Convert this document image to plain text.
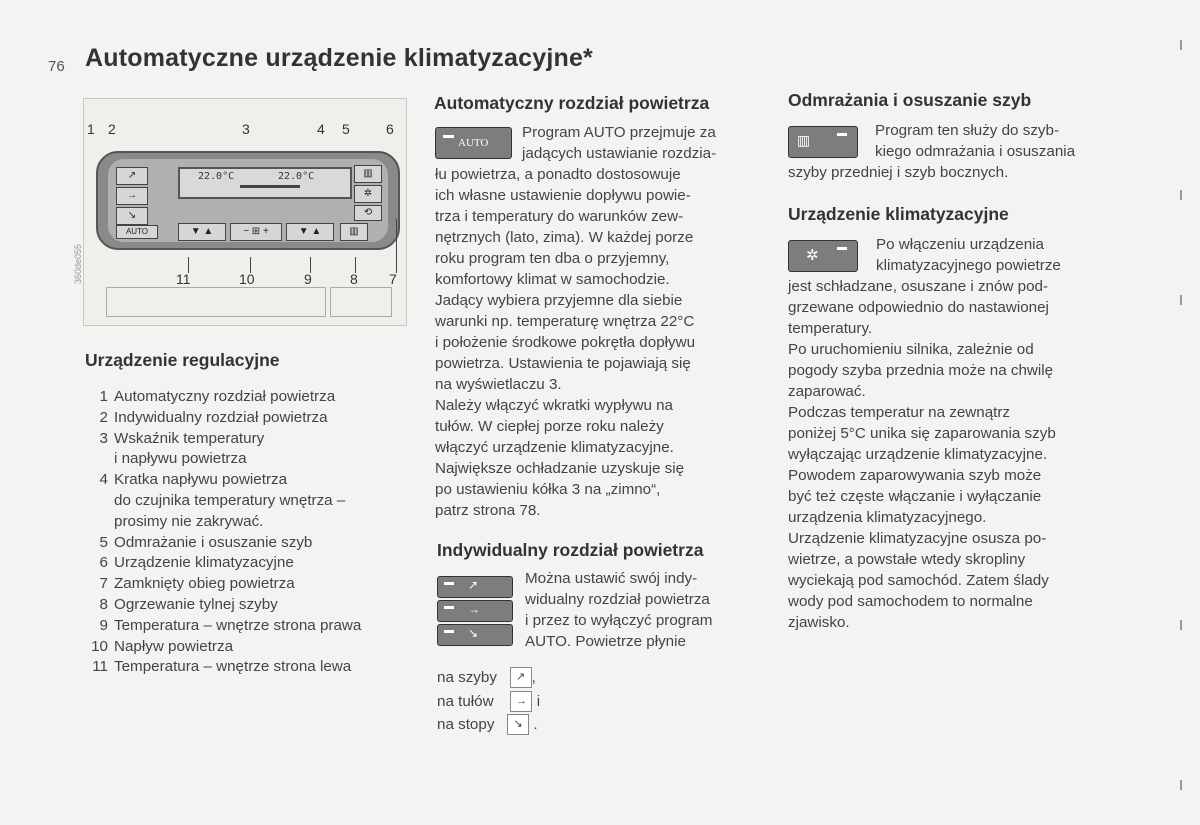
76 Automatyczne urządzenie klimatyzacyjne*
1 2	3	4 5	6
↗
→
↘
AUTO
22.0°C	22.0°C
▼ ▲	− ⊞ +	▼ ▲	▥
▥
✲
⟲
11	10	9	8 7
360de055
Urządzenie regulacyjne
1 Automatyczny rozdział powietrza
2 Indywidualny rozdział powietrza
3 Wskaźnik temperatury
i napływu powietrza
4 Kratka napływu powietrza
do czujnika temperatury wnętrza –
prosimy nie zakrywać.
5 Odmrażanie i osuszanie szyb
6 Urządzenie klimatyzacyjne
7 Zamknięty obieg powietrza
8 Ogrzewanie tylnej szyby
9 Temperatura – wnętrze strona prawa
10 Napływ powietrza
11 Temperatura – wnętrze strona lewa
Automatyczny rozdział powietrza
AUTO
Program AUTO przejmuje za
jadących ustawianie rozdzia-
łu powietrza, a ponadto dostosowuje
ich własne ustawienie dopływu powie-
trza i temperatury do warunków zew-
nętrznych (lato, zima). W każdej porze
roku program ten dba o przyjemny,
komfortowy klimat w samochodzie.
Jadący wybiera przyjemne dla siebie
warunki np. temperaturę wnętrza 22°C
i położenie środkowe pokrętła dopływu
powietrza. Ustawienia te pojawiają się
na wyświetlaczu 3.
Należy włączyć wkratki wypływu na
tułów. W ciepłej porze roku należy
włączyć urządzenie klimatyzacyjne.
Największe ochładzanie uzyskuje się
po ustawieniu kółka 3 na „zimno“,
patrz strona 78.
Indywidualny rozdział powietrza
↗
→
↘
Można ustawić swój indy-
widualny rozdział powietrza
i przez to wyłączyć program
AUTO. Powietrze płynie
na szyby ↗ ,
na tułów → i
na stopy ↘ .
Odmrażania i osuszanie szyb
▥
Program ten służy do szyb-
kiego odmrażania i osuszania
szyby przedniej i szyb bocznych.
Urządzenie klimatyzacyjne
✲
Po włączeniu urządzenia
klimatyzacyjnego powietrze
jest schładzane, osuszane i znów pod-
grzewane odpowiednio do nastawionej
temperatury.
Po uruchomieniu silnika, zależnie od
pogody szyba przednia może na chwilę
zaparować.
Podczas temperatur na zewnątrz
poniżej 5°C unika się zaparowania szyb
wyłączając urządzenie klimatyzacyjne.
Powodem zaparowywania szyb może
być też częste włączanie i wyłączanie
urządzenia klimatyzacyjnego.
Urządzenie klimatyzacyjne osusza po-
wietrze, a powstałe wtedy skropliny
wyciekają pod samochód. Zatem ślady
wody pod samochodem to normalne
zjawisko.
